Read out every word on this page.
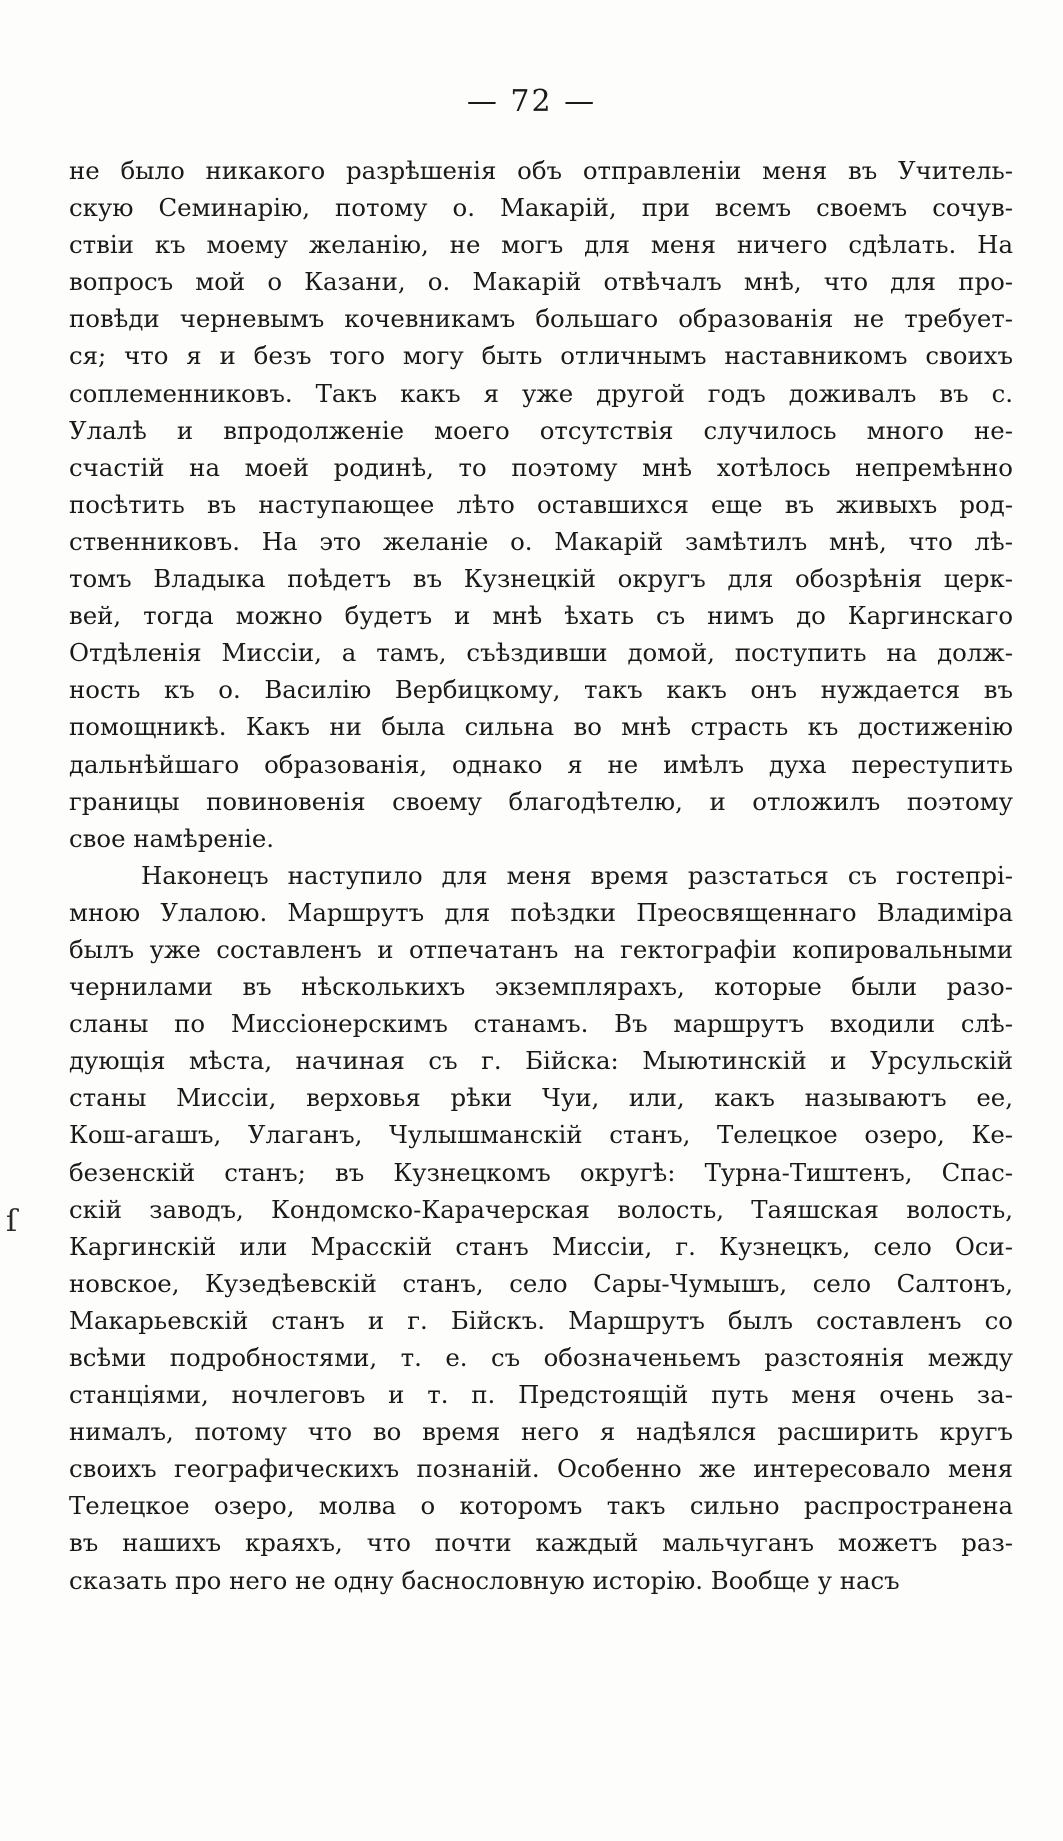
— 72 —
ſ
не было никакого разрѣшенія объ отправленіи меня въ Учитель-
скую Семинарію, потому о. Макарій, при всемъ своемъ сочув-
ствіи къ моему желанію, не могъ для меня ничего сдѣлать. На
вопросъ мой о Казани, о. Макарій отвѣчалъ мнѣ, что для про-
повѣди черневымъ кочевникамъ большаго образованія не требует-
ся; что я и безъ того могу быть отличнымъ наставникомъ своихъ
соплеменниковъ. Такъ какъ я уже другой годъ доживалъ въ с.
Улалѣ и впродолженіе моего отсутствія случилось много не-
счастій на моей родинѣ, то поэтому мнѣ хотѣлось непремѣнно
посѣтить въ наступающее лѣто оставшихся еще въ живыхъ род-
ственниковъ. На это желаніе о. Макарій замѣтилъ мнѣ, что лѣ-
томъ Владыка поѣдетъ въ Кузнецкій округъ для обозрѣнія церк-
вей, тогда можно будетъ и мнѣ ѣхать съ нимъ до Каргинскаго
Отдѣленія Миссіи, а тамъ, съѣздивши домой, поступить на долж-
ность къ о. Василію Вербицкому, такъ какъ онъ нуждается въ
помощникѣ. Какъ ни была сильна во мнѣ страсть къ достиженію
дальнѣйшаго образованія, однако я не имѣлъ духа переступить
границы повиновенія своему благодѣтелю, и отложилъ поэтому
свое намѣреніе.
Наконецъ наступило для меня время разстаться съ гостепрі-
мною Улалою. Маршрутъ для поѣздки Преосвященнаго Владиміра
былъ уже составленъ и отпечатанъ на гектографіи копировальными
чернилами въ нѣсколькихъ экземплярахъ, которые были разо-
сланы по Миссіонерскимъ станамъ. Въ маршрутъ входили слѣ-
дующія мѣста, начиная съ г. Бійска: Мыютинскій и Урсульскій
станы Миссіи, верховья рѣки Чуи, или, какъ называютъ ее,
Кош-агашъ, Улаганъ, Чулышманскій станъ, Телецкое озеро, Ке-
безенскій станъ; въ Кузнецкомъ округѣ: Турна-Тиштенъ, Спас-
скій заводъ, Кондомско-Карачерская волость, Таяшская волость,
Каргинскій или Мрасскій станъ Миссіи, г. Кузнецкъ, село Оси-
новское, Кузедѣевскій станъ, село Сары-Чумышъ, село Салтонъ,
Макарьевскій станъ и г. Бійскъ. Маршрутъ былъ составленъ со
всѣми подробностями, т. е. съ обозначеньемъ разстоянія между
станціями, ночлеговъ и т. п. Предстоящій путь меня очень за-
нималъ, потому что во время него я надѣялся расширить кругъ
своихъ географическихъ познаній. Особенно же интересовало меня
Телецкое озеро, молва о которомъ такъ сильно распространена
въ нашихъ краяхъ, что почти каждый мальчуганъ можетъ раз-
сказать про него не одну баснословную исторію. Вообще у насъ
